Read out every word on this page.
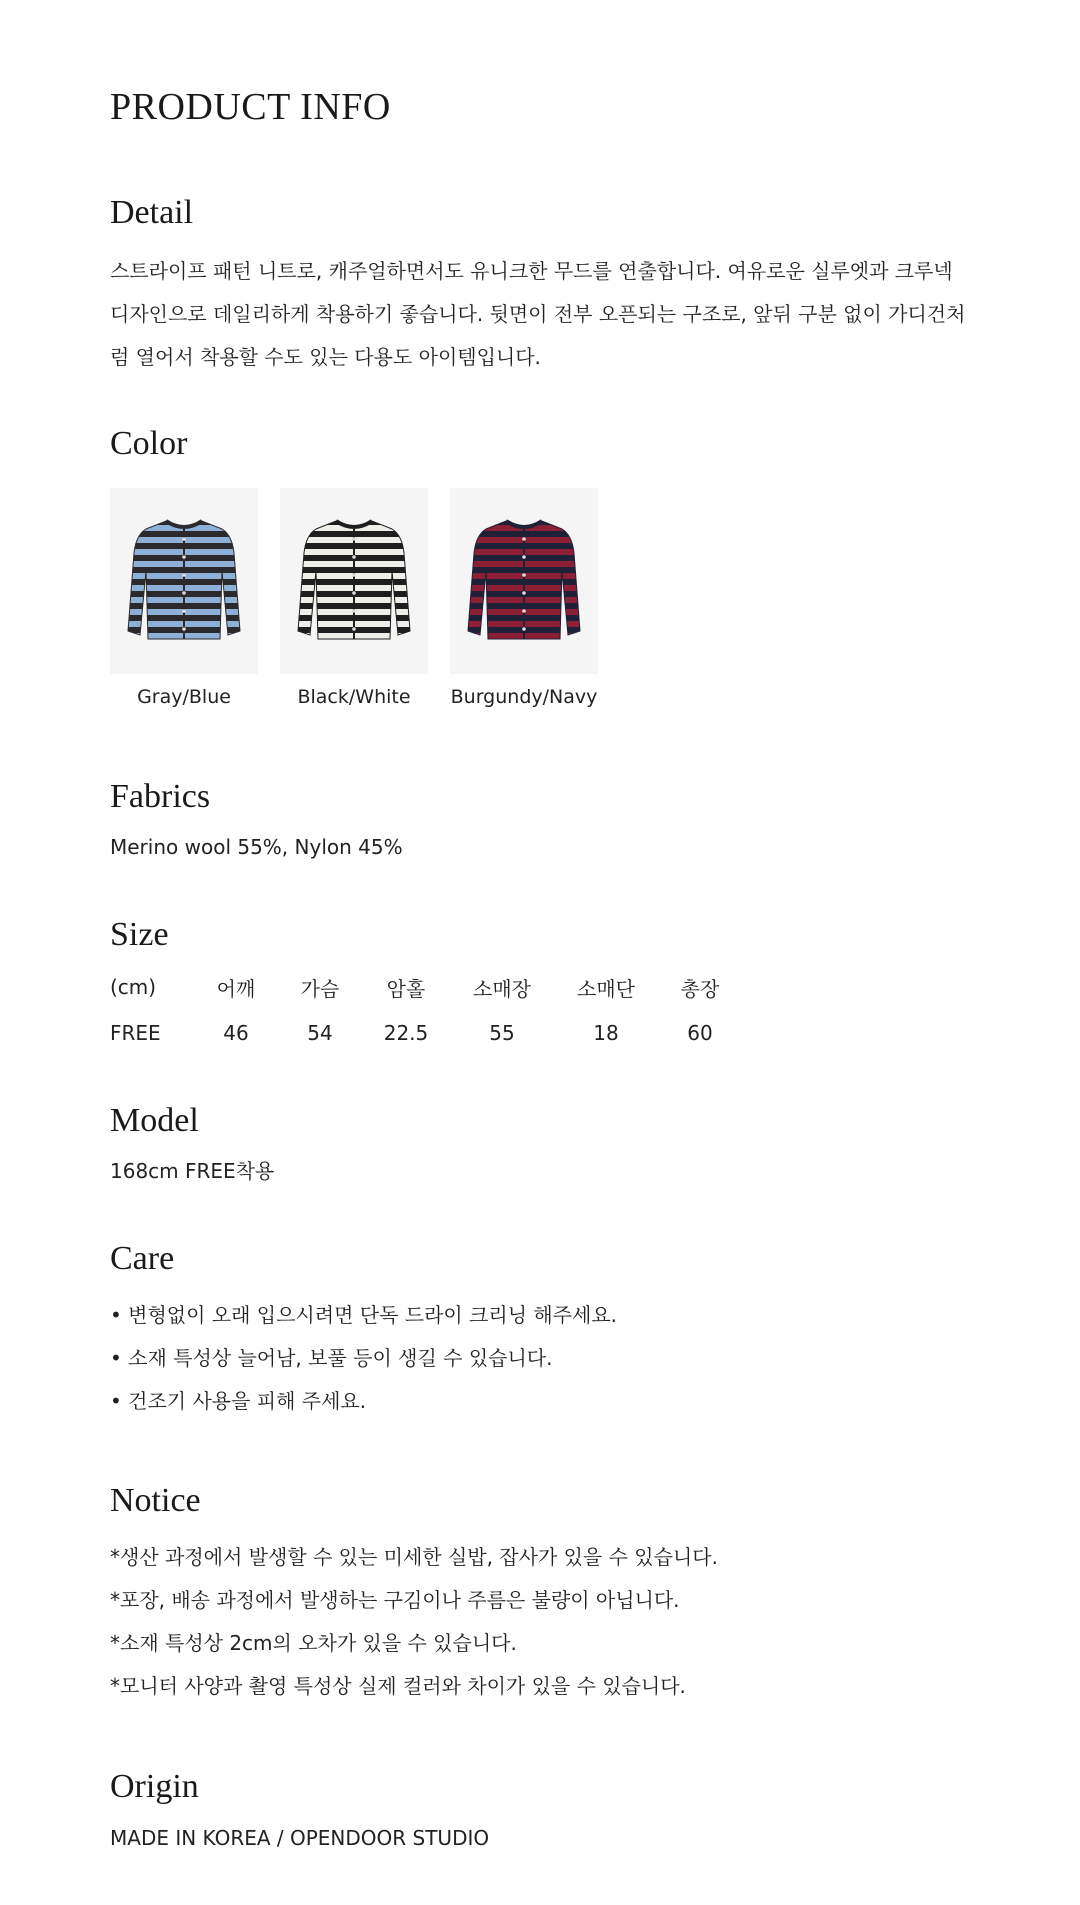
PRODUCT INFO
Detail
스트라이프 패턴 니트로, 캐주얼하면서도 유니크한 무드를 연출합니다. 여유로운 실루엣과 크루넥
디자인으로 데일리하게 착용하기 좋습니다. 뒷면이 전부 오픈되는 구조로, 앞뒤 구분 없이 가디건처
럼 열어서 착용할 수도 있는 다용도 아이템입니다.
Color
Gray/Blue	Black/White Burgundy/Navy
Fabrics
Merino wool 55%, Nylon 45%
Size
(cm)	어깨	가슴	암홀	소매장	소매단	총장
FREE	46	54	22.5	55	18	60
Model
168cm FREE착용
Care
• 변형없이 오래 입으시려면 단독 드라이 크리닝 해주세요.
• 소재 특성상 늘어남, 보풀 등이 생길 수 있습니다.
• 건조기 사용을 피해 주세요.
Notice
*생산 과정에서 발생할 수 있는 미세한 실밥, 잡사가 있을 수 있습니다.
*포장, 배송 과정에서 발생하는 구김이나 주름은 불량이 아닙니다.
*소재 특성상 2cm의 오차가 있을 수 있습니다.
*모니터 사양과 촬영 특성상 실제 컬러와 차이가 있을 수 있습니다.
Origin
MADE IN KOREA / OPENDOOR STUDIO
